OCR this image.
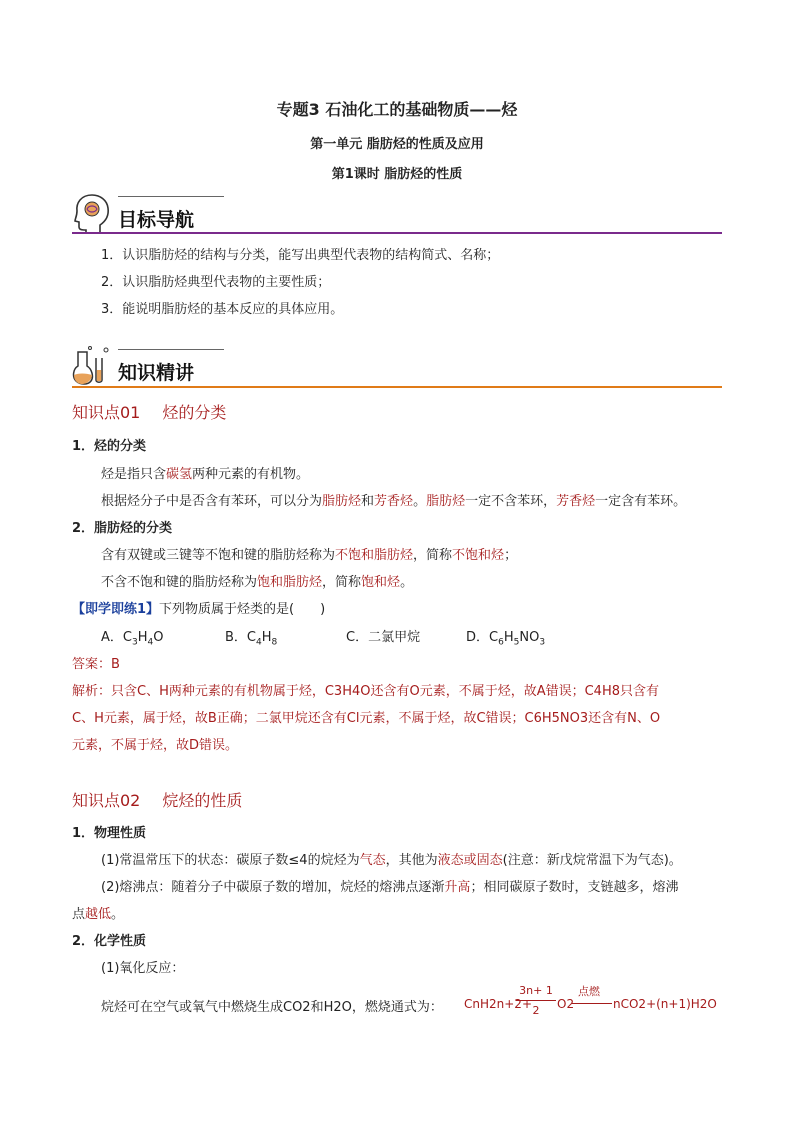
专题3 石油化工的基础物质——烃
第一单元 脂肪烃的性质及应用
第1课时 脂肪烃的性质
目标导航
1．认识脂肪烃的结构与分类，能写出典型代表物的结构简式、名称；
2．认识脂肪烃典型代表物的主要性质；
3．能说明脂肪烃的基本反应的具体应用。
知识精讲
知识点01 烃的分类
1．烃的分类
烃是指只含碳氢两种元素的有机物。
根据烃分子中是否含有苯环，可以分为脂肪烃和芳香烃。脂肪烃一定不含苯环，芳香烃一定含有苯环。
2．脂肪烃的分类
含有双键或三键等不饱和键的脂肪烃称为不饱和脂肪烃，简称不饱和烃；
不含不饱和键的脂肪烃称为饱和脂肪烃，简称饱和烃。
【即学即练1】下列物质属于烃类的是(　　)
A．$C_3H_4O$	B．$C_4H_8$	C．二氯甲烷	D．$C_6H_5NO_3$
答案：B
解析：只含C、H两种元素的有机物属于烃，C3H4O还含有O元素，不属于烃，故A错误；C4H8只含有
C、H元素，属于烃，故B正确；二氯甲烷还含有Cl元素，不属于烃，故C错误；C6H5NO3还含有N、O
元素，不属于烃，故D错误。
知识点02 烷烃的性质
1．物理性质
(1)常温常压下的状态：碳原子数≤4的烷烃为气态，其他为液态或固态(注意：新戊烷常温下为气态)。
(2)熔沸点：随着分子中碳原子数的增加，烷烃的熔沸点逐渐升高；相同碳原子数时，支链越多，熔沸
点越低。
2．化学性质
(1)氧化反应：
烷烃可在空气或氧气中燃烧生成CO2和H2O，燃烧通式为： CnH2n+2+
3n+ 1
2	O2
点燃
nCO2+(n+1)H2O
